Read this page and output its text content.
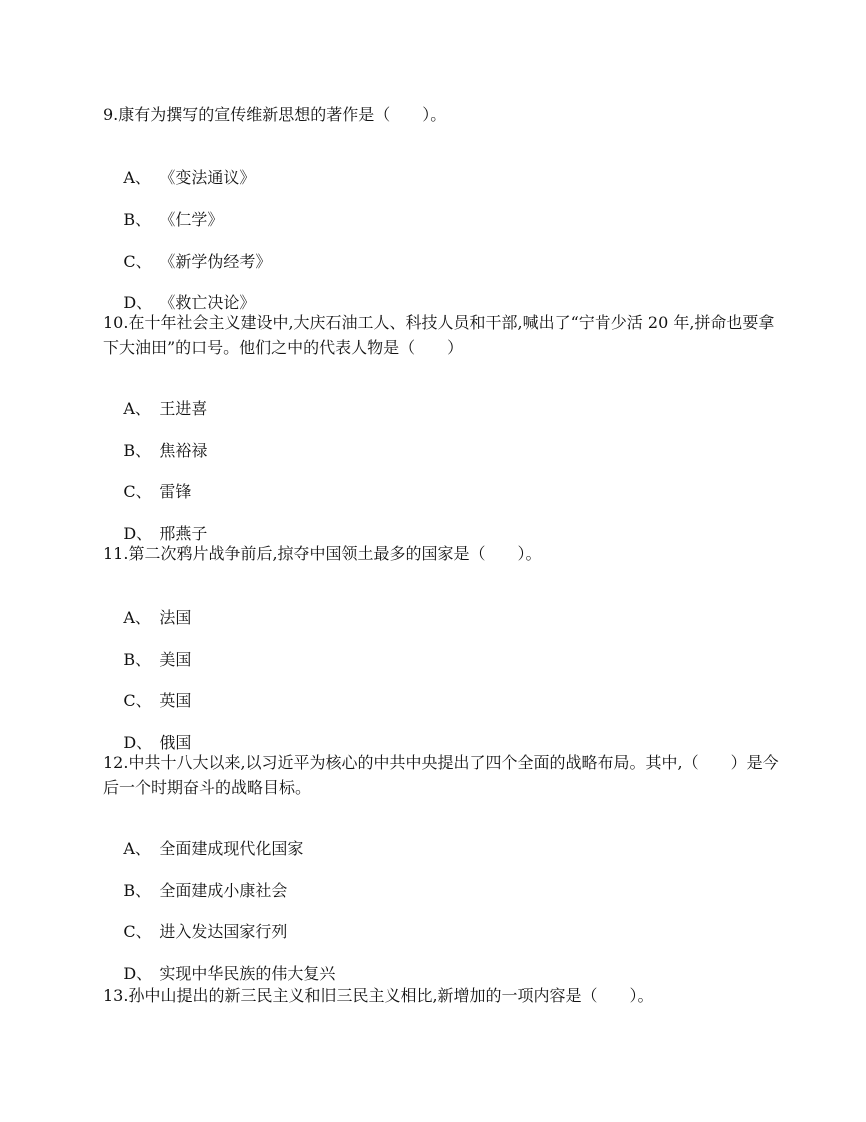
9.康有为撰写的宣传维新思想的著作是（　　）。

A、 《变法通议》

B、 《仁学》

C、 《新学伪经考》

D、 《救亡决论》

10.在十年社会主义建设中,大庆石油工人、科技人员和干部,喊出了“宁肯少活 20 年,拼命也要拿下大油田”的口号。他们之中的代表人物是（　　）

A、 王进喜

B、 焦裕禄

C、 雷锋

D、 邢燕子

11.第二次鸦片战争前后,掠夺中国领土最多的国家是（　　）。

A、 法国

B、 美国

C、 英国

D、 俄国

12.中共十八大以来,以习近平为核心的中共中央提出了四个全面的战略布局。其中,（　　）是今后一个时期奋斗的战略目标。

A、 全面建成现代化国家

B、 全面建成小康社会

C、 进入发达国家行列

D、 实现中华民族的伟大复兴

13.孙中山提出的新三民主义和旧三民主义相比,新增加的一项内容是（　　）。
